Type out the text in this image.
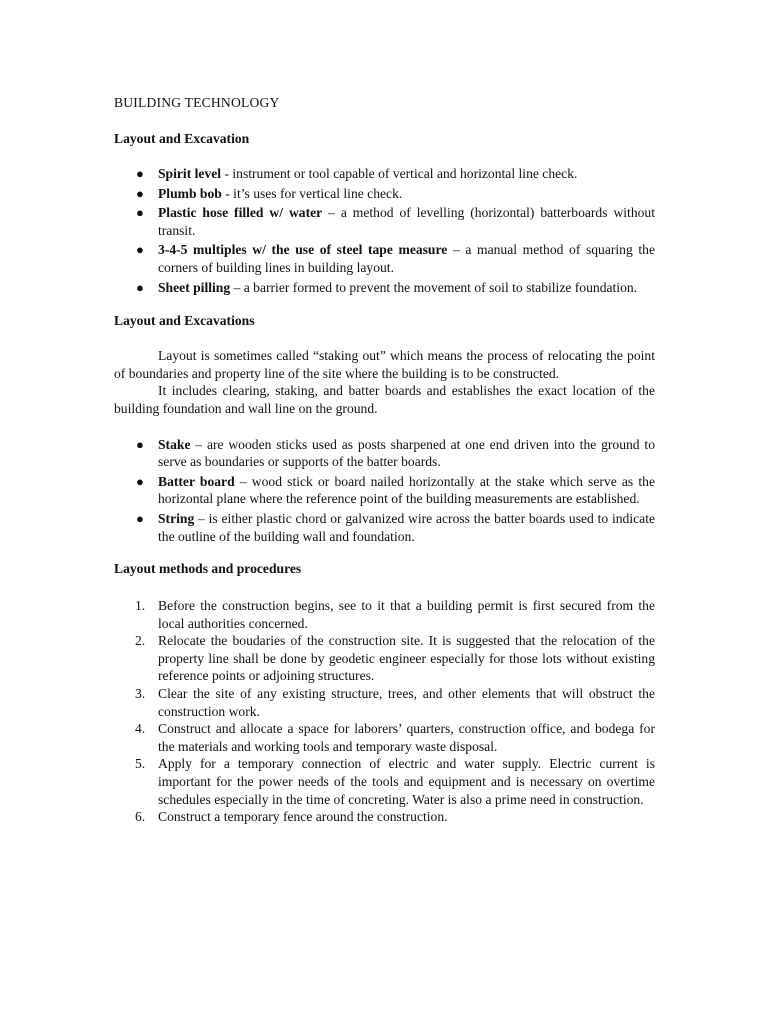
BUILDING TECHNOLOGY

Layout and Excavation

● Spirit level - instrument or tool capable of vertical and horizontal line check.
● Plumb bob - it’s uses for vertical line check.
● Plastic hose filled w/ water – a method of levelling (horizontal) batterboards without transit.
● 3-4-5 multiples w/ the use of steel tape measure – a manual method of squaring the corners of building lines in building layout.
● Sheet pilling – a barrier formed to prevent the movement of soil to stabilize foundation.

Layout and Excavations

Layout is sometimes called “staking out” which means the process of relocating the point of boundaries and property line of the site where the building is to be constructed.

It includes clearing, staking, and batter boards and establishes the exact location of the building foundation and wall line on the ground.

● Stake – are wooden sticks used as posts sharpened at one end driven into the ground to serve as boundaries or supports of the batter boards.
● Batter board – wood stick or board nailed horizontally at the stake which serve as the horizontal plane where the reference point of the building measurements are established.
● String – is either plastic chord or galvanized wire across the batter boards used to indicate the outline of the building wall and foundation.

Layout methods and procedures

1. Before the construction begins, see to it that a building permit is first secured from the local authorities concerned.
2. Relocate the boudaries of the construction site. It is suggested that the relocation of the property line shall be done by geodetic engineer especially for those lots without existing reference points or adjoining structures.
3. Clear the site of any existing structure, trees, and other elements that will obstruct the construction work.
4. Construct and allocate a space for laborers’ quarters, construction office, and bodega for the materials and working tools and temporary waste disposal.
5. Apply for a temporary connection of electric and water supply. Electric current is important for the power needs of the tools and equipment and is necessary on overtime schedules especially in the time of concreting. Water is also a prime need in construction.
6. Construct a temporary fence around the construction.
